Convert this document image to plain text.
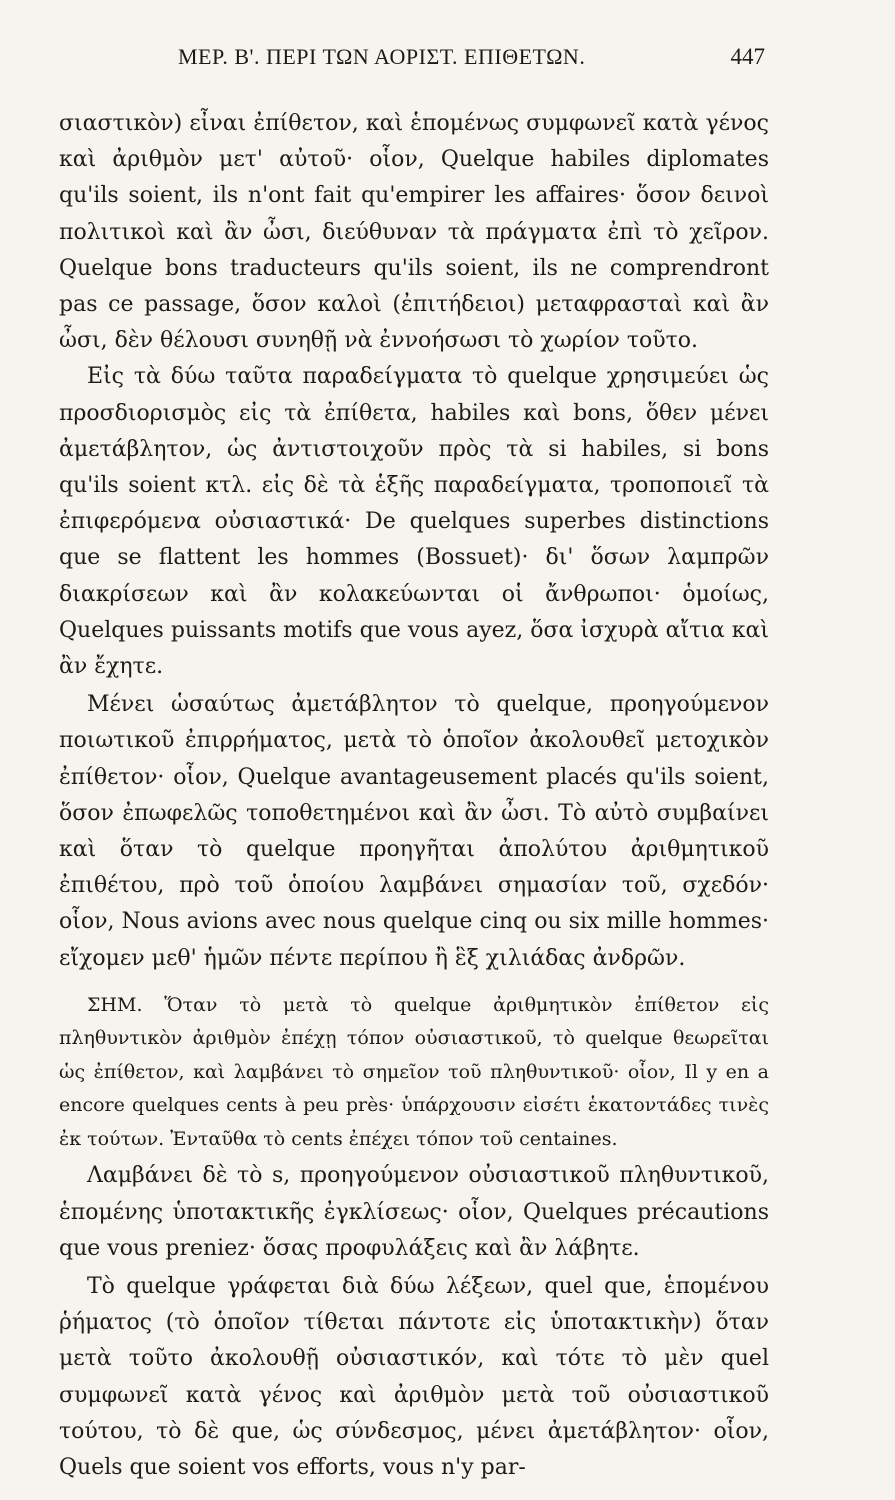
ΜΕΡ. Β'. ΠΕΡΙ ΤΩΝ ΑΟΡΙΣΤ. ΕΠΙΘΕΤΩΝ.	447

σιαστικὸν) εἶναι ἐπίθετον, καὶ ἑπομένως συμφωνεῖ κατὰ γένος καὶ ἀριθμὸν μετ' αὐτοῦ· οἷον, Quelque habiles diplomates qu'ils soient, ils n'ont fait qu'empirer les affaires· ὅσον δεινοὶ πολιτικοὶ καὶ ἂν ὦσι, διεύθυναν τὰ πράγματα ἐπὶ τὸ χεῖρον. Quelque bons traducteurs qu'ils soient, ils ne comprendront pas ce passage, ὅσον καλοὶ (ἐπιτήδειοι) μεταφρασταὶ καὶ ἂν ὦσι, δὲν θέλουσι συνηθῇ νὰ ἐννοήσωσι τὸ χωρίον τοῦτο.

Εἰς τὰ δύω ταῦτα παραδείγματα τὸ quelque χρησιμεύει ὡς προσδιορισμὸς εἰς τὰ ἐπίθετα, habiles καὶ bons, ὅθεν μένει ἀμετάβλητον, ὡς ἀντιστοιχοῦν πρὸς τὰ si habiles, si bons qu'ils soient κτλ. εἰς δὲ τὰ ἑξῆς παραδείγματα, τροποποιεῖ τὰ ἐπιφερόμενα οὐσιαστικά· De quelques superbes distinctions que se flattent les hommes (Bossuet)· δι' ὅσων λαμπρῶν διακρίσεων καὶ ἂν κολακεύωνται οἱ ἄνθρωποι· ὁμοίως, Quelques puissants motifs que vous ayez, ὅσα ἰσχυρὰ αἴτια καὶ ἂν ἔχητε.

Μένει ὡσαύτως ἀμετάβλητον τὸ quelque, προηγούμενον ποιωτικοῦ ἐπιρρήματος, μετὰ τὸ ὁποῖον ἀκολουθεῖ μετοχικὸν ἐπίθετον· οἷον, Quelque avantageusement placés qu'ils soient, ὅσον ἐπωφελῶς τοποθετημένοι καὶ ἂν ὦσι. Τὸ αὐτὸ συμβαίνει καὶ ὅταν τὸ quelque προηγῆται ἀπολύτου ἀριθμητικοῦ ἐπιθέτου, πρὸ τοῦ ὁποίου λαμβάνει σημασίαν τοῦ, σχεδόν· οἷον, Nous avions avec nous quelque cinq ou six mille hommes· εἴχομεν μεθ' ἡμῶν πέντε περίπου ἢ ἓξ χιλιάδας ἀνδρῶν.

ΣΗΜ. Ὅταν τὸ μετὰ τὸ quelque ἀριθμητικὸν ἐπίθετον εἰς πληθυντικὸν ἀριθμὸν ἐπέχῃ τόπον οὐσιαστικοῦ, τὸ quelque θεωρεῖται ὡς ἐπίθετον, καὶ λαμβάνει τὸ σημεῖον τοῦ πληθυντικοῦ· οἷον, Il y en a encore quelques cents à peu près· ὑπάρχουσιν εἰσέτι ἑκατοντάδες τινὲς ἐκ τούτων. Ἐνταῦθα τὸ cents ἐπέχει τόπον τοῦ centaines.

Λαμβάνει δὲ τὸ s, προηγούμενον οὐσιαστικοῦ πληθυντικοῦ, ἑπομένης ὑποτακτικῆς ἐγκλίσεως· οἷον, Quelques précautions que vous preniez· ὅσας προφυλάξεις καὶ ἂν λάβητε.

Τὸ quelque γράφεται διὰ δύω λέξεων, quel que, ἑπομένου ῥήματος (τὸ ὁποῖον τίθεται πάντοτε εἰς ὑποτακτικὴν) ὅταν μετὰ τοῦτο ἀκολουθῇ οὐσιαστικόν, καὶ τότε τὸ μὲν quel συμφωνεῖ κατὰ γένος καὶ ἀριθμὸν μετὰ τοῦ οὐσιαστικοῦ τούτου, τὸ δὲ que, ὡς σύνδεσμος, μένει ἀμετάβλητον· οἷον, Quels que soient vos efforts, vous n'y par-
